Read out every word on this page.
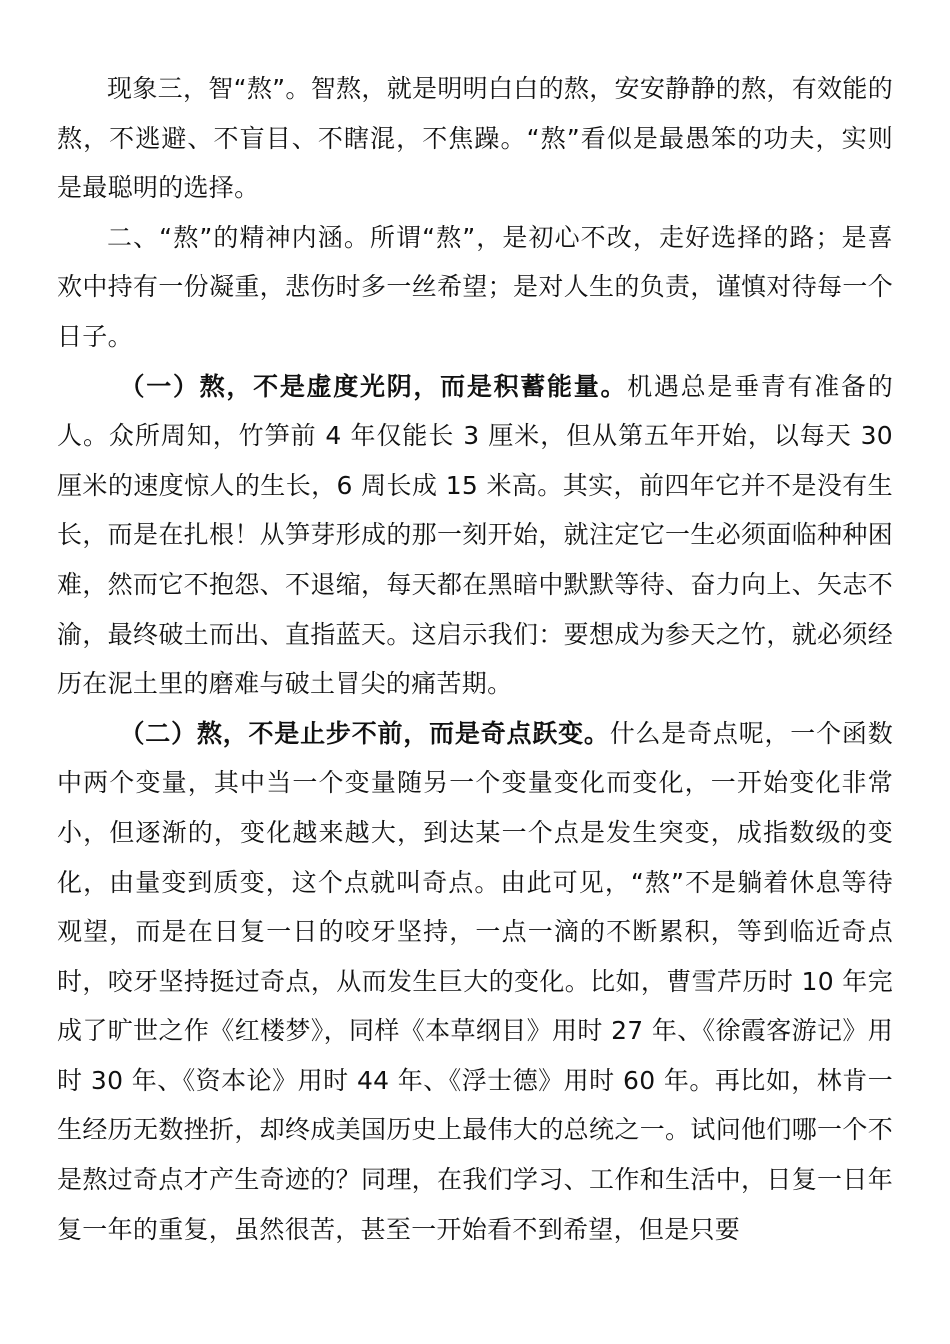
现象三，智“熬”。智熬，就是明明白白的熬，安安静静的熬，有效能的熬，不逃避、不盲目、不瞎混，不焦躁。“熬”看似是最愚笨的功夫，实则是最聪明的选择。

二、“熬”的精神内涵。所谓“熬”，是初心不改，走好选择的路；是喜欢中持有一份凝重，悲伤时多一丝希望；是对人生的负责，谨慎对待每一个日子。

（一）熬，不是虚度光阴，而是积蓄能量。机遇总是垂青有准备的人。众所周知，竹笋前 4 年仅能长 3 厘米，但从第五年开始，以每天 30 厘米的速度惊人的生长，6 周长成 15 米高。其实，前四年它并不是没有生长，而是在扎根！从笋芽形成的那一刻开始，就注定它一生必须面临种种困难，然而它不抱怨、不退缩，每天都在黑暗中默默等待、奋力向上、矢志不渝，最终破土而出、直指蓝天。这启示我们：要想成为参天之竹，就必须经历在泥土里的磨难与破土冒尖的痛苦期。

（二）熬，不是止步不前，而是奇点跃变。什么是奇点呢，一个函数中两个变量，其中当一个变量随另一个变量变化而变化，一开始变化非常小，但逐渐的，变化越来越大，到达某一个点是发生突变，成指数级的变化，由量变到质变，这个点就叫奇点。由此可见，“熬”不是躺着休息等待观望，而是在日复一日的咬牙坚持，一点一滴的不断累积，等到临近奇点时，咬牙坚持挺过奇点，从而发生巨大的变化。比如，曹雪芹历时 10 年完成了旷世之作《红楼梦》，同样《本草纲目》用时 27 年、《徐霞客游记》用时 30 年、《资本论》用时 44 年、《浮士德》用时 60 年。再比如，林肯一生经历无数挫折，却终成美国历史上最伟大的总统之一。试问他们哪一个不是熬过奇点才产生奇迹的？同理，在我们学习、工作和生活中，日复一日年复一年的重复，虽然很苦，甚至一开始看不到希望，但是只要
